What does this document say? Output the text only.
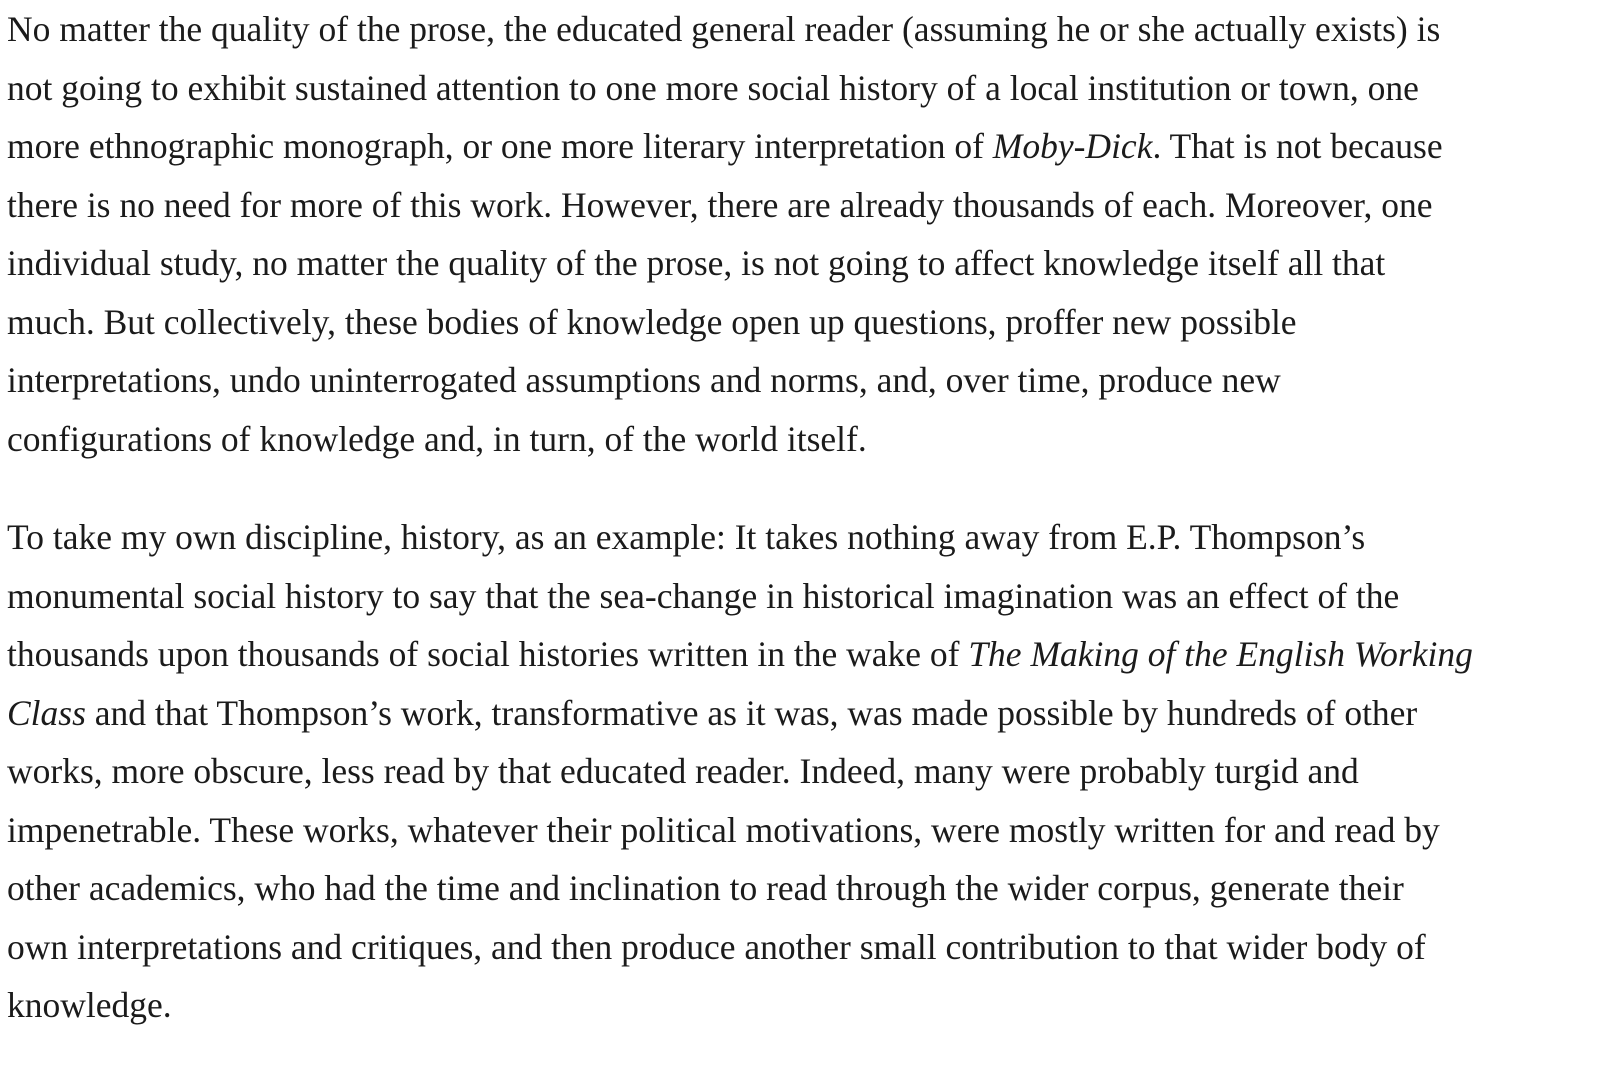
No matter the quality of the prose, the educated general reader (assuming he or she actually exists) is
not going to exhibit sustained attention to one more social history of a local institution or town, one
more ethnographic monograph, or one more literary interpretation of Moby-Dick. That is not because
there is no need for more of this work. However, there are already thousands of each. Moreover, one
individual study, no matter the quality of the prose, is not going to affect knowledge itself all that
much. But collectively, these bodies of knowledge open up questions, proffer new possible
interpretations, undo uninterrogated assumptions and norms, and, over time, produce new
configurations of knowledge and, in turn, of the world itself.

To take my own discipline, history, as an example: It takes nothing away from E.P. Thompson’s
monumental social history to say that the sea-change in historical imagination was an effect of the
thousands upon thousands of social histories written in the wake of The Making of the English Working
Class and that Thompson’s work, transformative as it was, was made possible by hundreds of other
works, more obscure, less read by that educated reader. Indeed, many were probably turgid and
impenetrable. These works, whatever their political motivations, were mostly written for and read by
other academics, who had the time and inclination to read through the wider corpus, generate their
own interpretations and critiques, and then produce another small contribution to that wider body of
knowledge.
